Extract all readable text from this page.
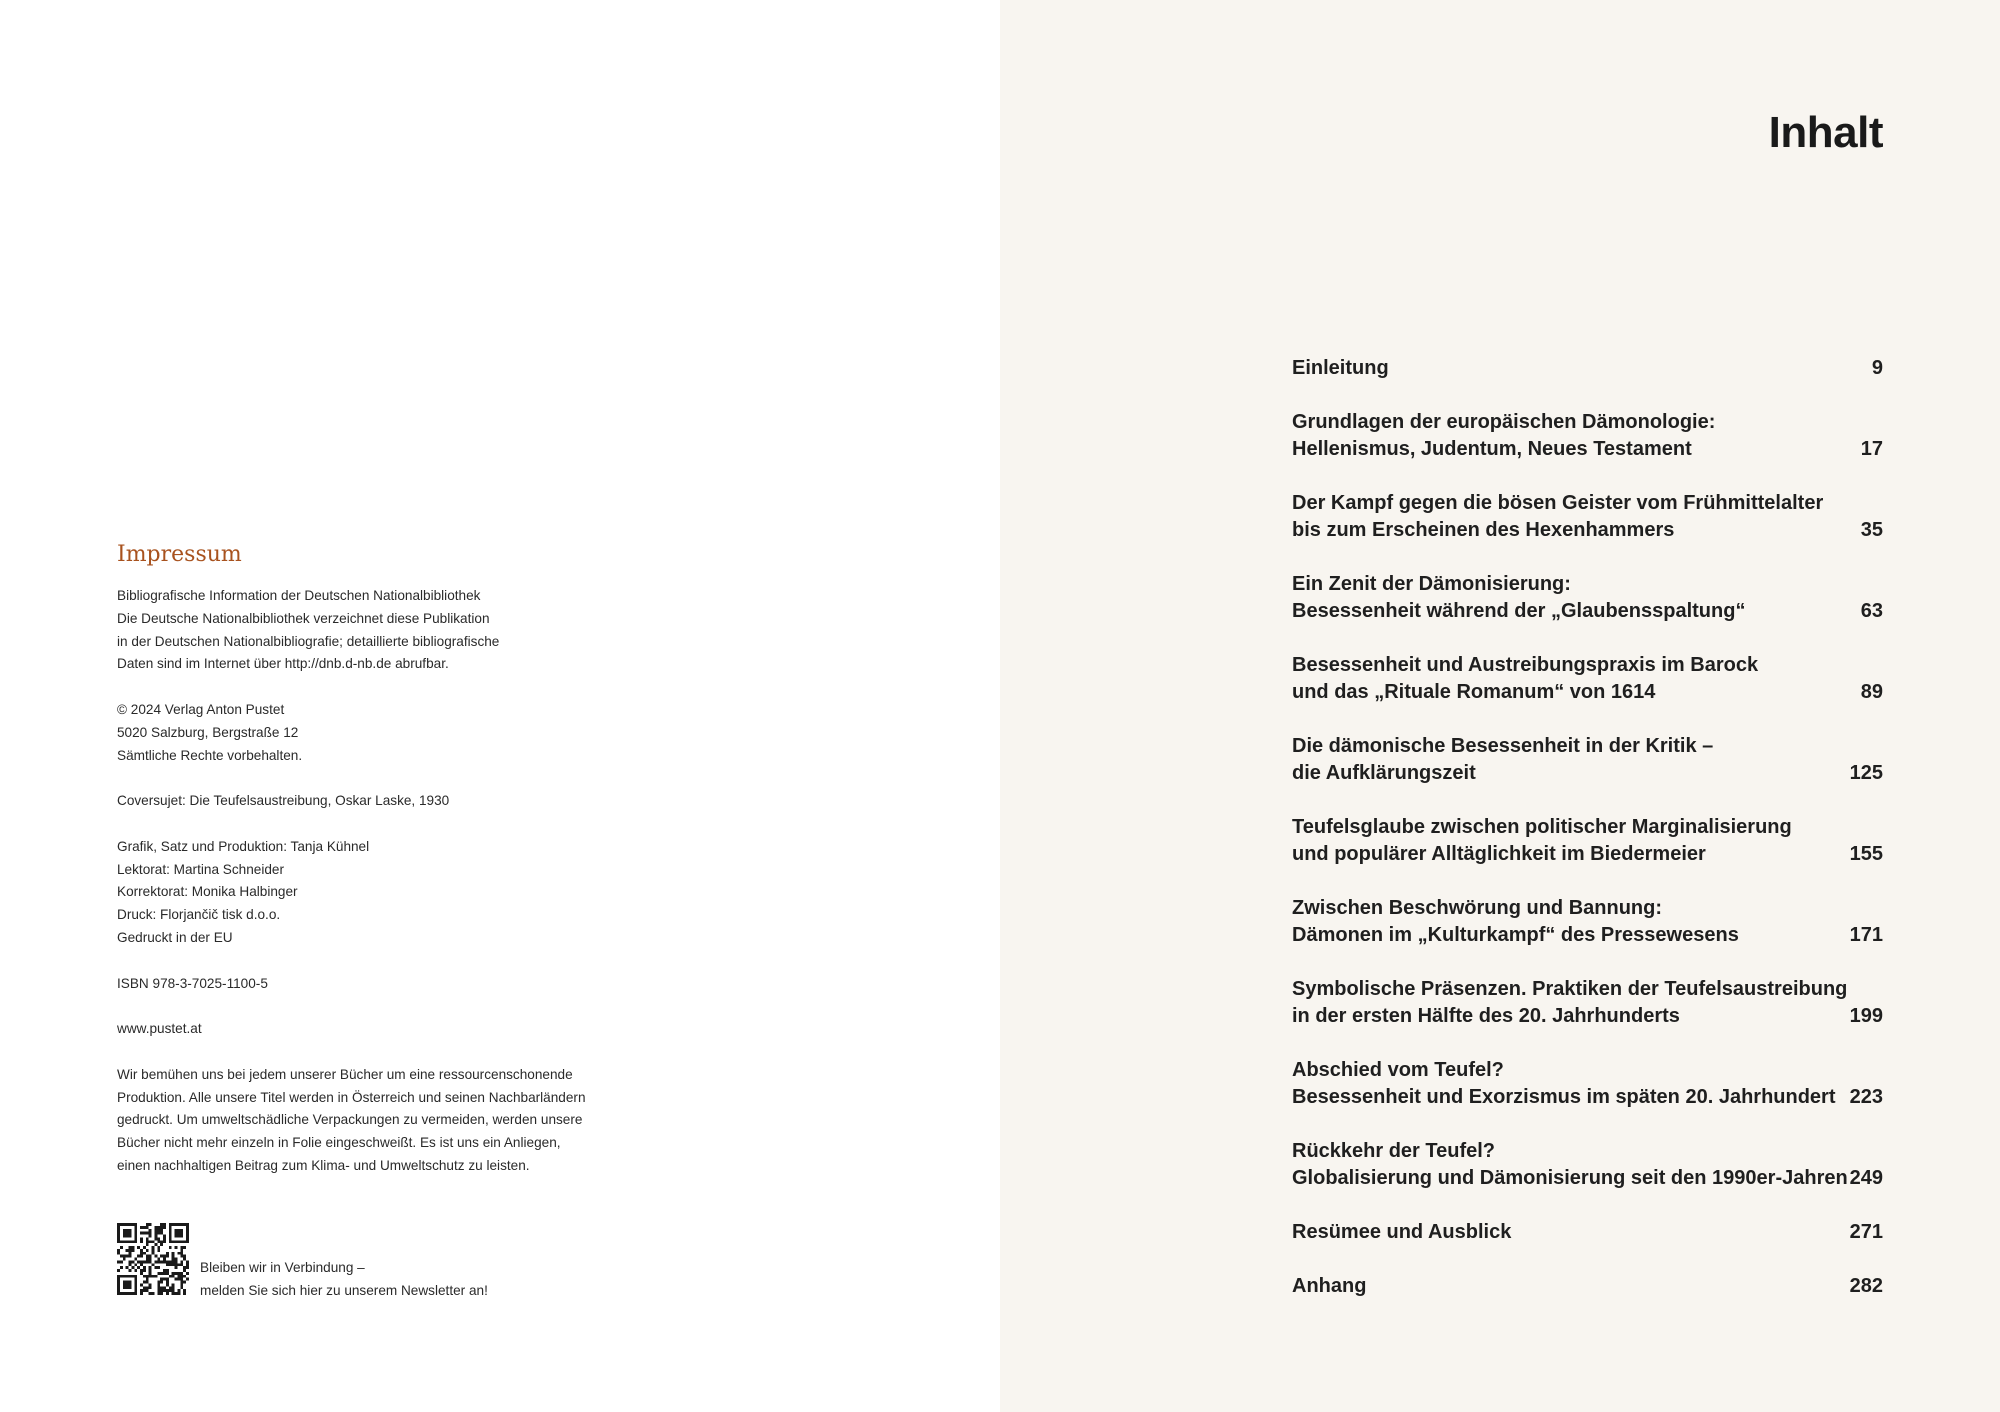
Impressum
Bibliografische Information der Deutschen Nationalbibliothek
Die Deutsche Nationalbibliothek verzeichnet diese Publikation
in der Deutschen Nationalbibliografie; detaillierte bibliografische
Daten sind im Internet über http://dnb.d-nb.de abrufbar.
© 2024 Verlag Anton Pustet
5020 Salzburg, Bergstraße 12
Sämtliche Rechte vorbehalten.
Coversujet: Die Teufelsaustreibung, Oskar Laske, 1930
Grafik, Satz und Produktion: Tanja Kühnel
Lektorat: Martina Schneider
Korrektorat: Monika Halbinger
Druck: Florjančič tisk d.o.o.
Gedruckt in der EU
ISBN 978-3-7025-1100-5
www.pustet.at
Wir bemühen uns bei jedem unserer Bücher um eine ressourcenschonende
Produktion. Alle unsere Titel werden in Österreich und seinen Nachbarländern
gedruckt. Um umweltschädliche Verpackungen zu vermeiden, werden unsere
Bücher nicht mehr einzeln in Folie eingeschweißt. Es ist uns ein Anliegen,
einen nachhaltigen Beitrag zum Klima- und Umweltschutz zu leisten.
Bleiben wir in Verbindung –
melden Sie sich hier zu unserem Newsletter an!
Inhalt
Einleitung	9
Grundlagen der europäischen Dämonologie:
Hellenismus, Judentum, Neues Testament	17
Der Kampf gegen die bösen Geister vom Frühmittelalter
bis zum Erscheinen des Hexenhammers	35
Ein Zenit der Dämonisierung:
Besessenheit während der „Glaubensspaltung“	63
Besessenheit und Austreibungspraxis im Barock
und das „Rituale Romanum“ von 1614	89
Die dämonische Besessenheit in der Kritik –
die Aufklärungszeit	125
Teufelsglaube zwischen politischer Marginalisierung
und populärer Alltäglichkeit im Biedermeier	155
Zwischen Beschwörung und Bannung:
Dämonen im „Kulturkampf“ des Pressewesens	171
Symbolische Präsenzen. Praktiken der Teufelsaustreibung
in der ersten Hälfte des 20. Jahrhunderts	199
Abschied vom Teufel?
Besessenheit und Exorzismus im späten 20. Jahrhundert 223
Rückkehr der Teufel?
Globalisierung und Dämonisierung seit den 1990er-Jahren 249
Resümee und Ausblick	271
Anhang	282
